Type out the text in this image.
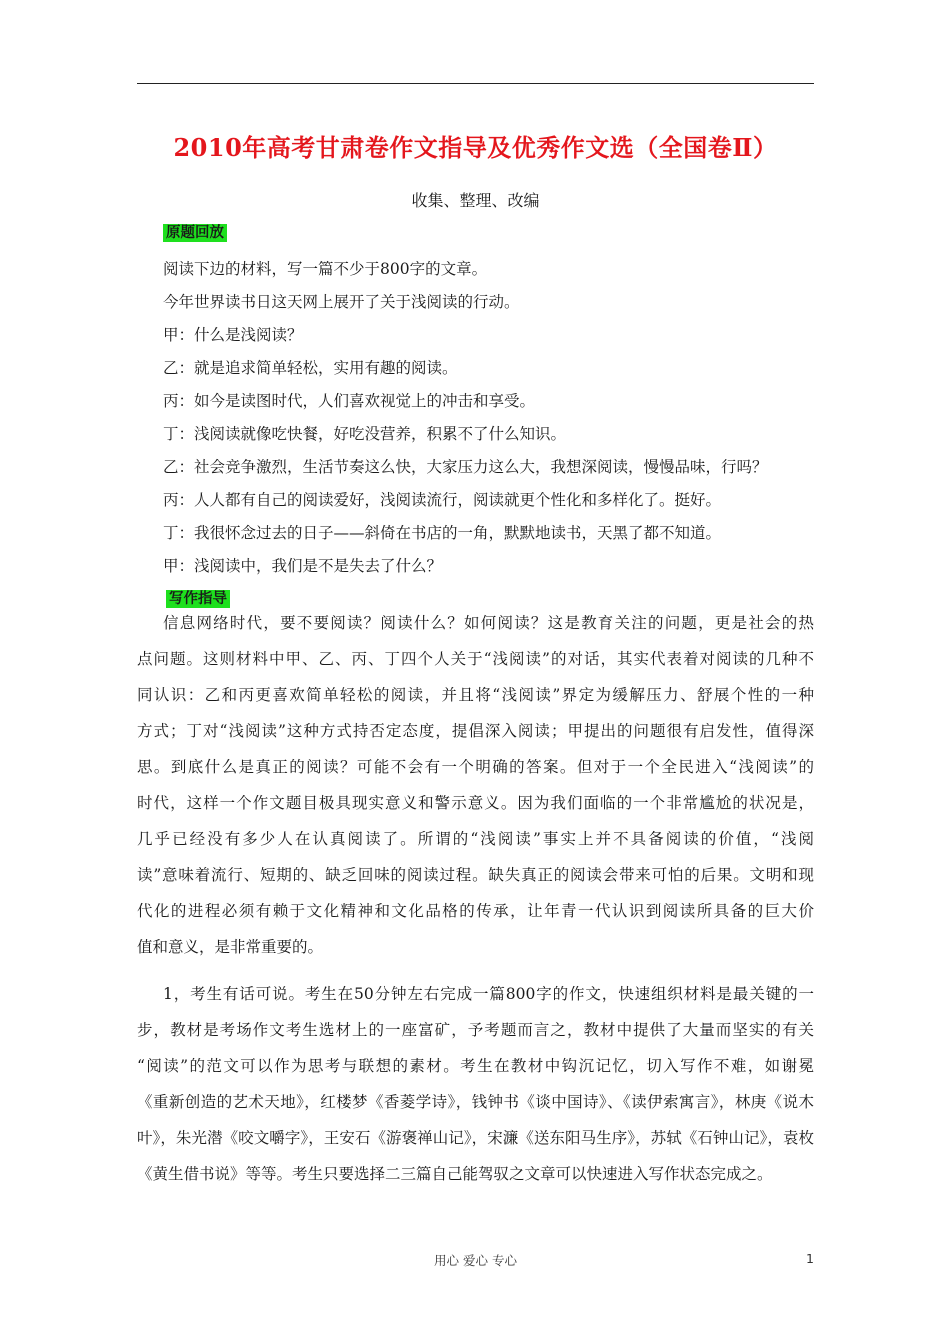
2010年高考甘肃卷作文指导及优秀作文选（全国卷Ⅱ）
收集、整理、改编
原题回放
阅读下边的材料，写一篇不少于800字的文章。
今年世界读书日这天网上展开了关于浅阅读的行动。
甲：什么是浅阅读？
乙：就是追求简单轻松，实用有趣的阅读。
丙：如今是读图时代，人们喜欢视觉上的冲击和享受。
丁：浅阅读就像吃快餐，好吃没营养，积累不了什么知识。
乙：社会竞争激烈，生活节奏这么快，大家压力这么大，我想深阅读，慢慢品味，行吗？
丙：人人都有自己的阅读爱好，浅阅读流行，阅读就更个性化和多样化了。挺好。
丁：我很怀念过去的日子——斜倚在书店的一角，默默地读书，天黑了都不知道。
甲：浅阅读中，我们是不是失去了什么？
写作指导
信息网络时代，要不要阅读？阅读什么？如何阅读？这是教育关注的问题，更是社会的热
点问题。这则材料中甲、乙、丙、丁四个人关于“浅阅读”的对话，其实代表着对阅读的几种不
同认识：乙和丙更喜欢简单轻松的阅读，并且将“浅阅读”界定为缓解压力、舒展个性的一种
方式；丁对“浅阅读”这种方式持否定态度，提倡深入阅读；甲提出的问题很有启发性，值得深
思。到底什么是真正的阅读？可能不会有一个明确的答案。但对于一个全民进入“浅阅读”的
时代，这样一个作文题目极具现实意义和警示意义。因为我们面临的一个非常尴尬的状况是，
几乎已经没有多少人在认真阅读了。所谓的“浅阅读”事实上并不具备阅读的价值，“浅阅
读”意味着流行、短期的、缺乏回味的阅读过程。缺失真正的阅读会带来可怕的后果。文明和现
代化的进程必须有赖于文化精神和文化品格的传承，让年青一代认识到阅读所具备的巨大价
值和意义，是非常重要的。
1，考生有话可说。考生在50分钟左右完成一篇800字的作文，快速组织材料是最关键的一
步，教材是考场作文考生选材上的一座富矿，予考题而言之，教材中提供了大量而坚实的有关
“阅读”的范文可以作为思考与联想的素材。考生在教材中钩沉记忆，切入写作不难，如谢冕
《重新创造的艺术天地》，红楼梦《香菱学诗》，钱钟书《谈中国诗》、《读伊索寓言》，林庚《说木
叶》，朱光潜《咬文嚼字》，王安石《游褒禅山记》，宋濂《送东阳马生序》，苏轼《石钟山记》，袁枚
《黄生借书说》等等。考生只要选择二三篇自己能驾驭之文章可以快速进入写作状态完成之。
用心 爱心 专心	1
